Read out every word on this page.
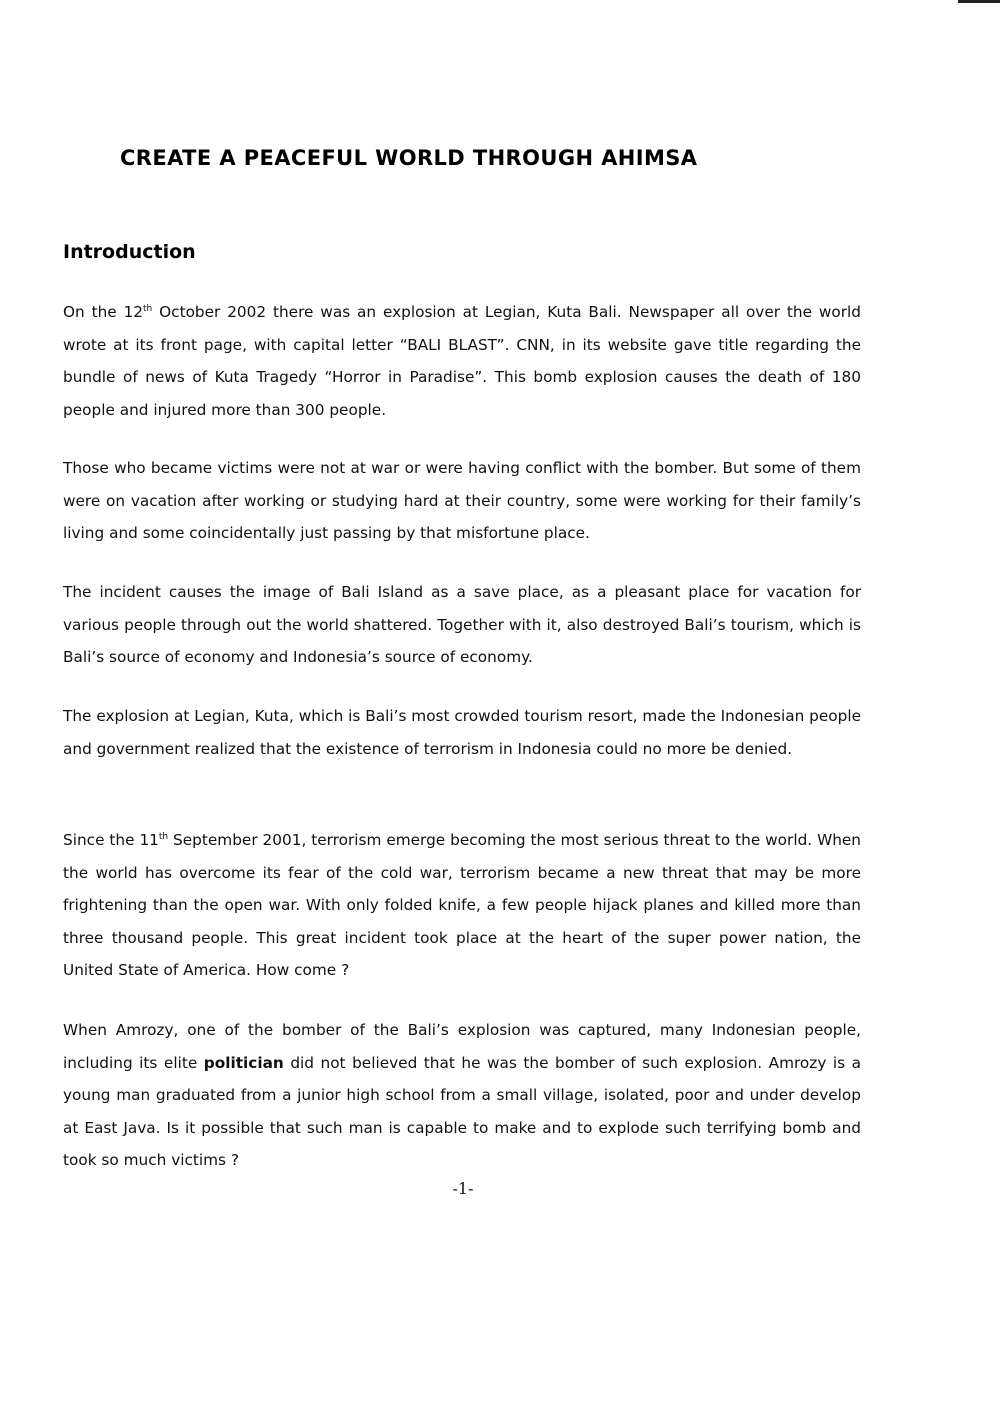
CREATE A PEACEFUL WORLD THROUGH AHIMSA
Introduction

On the 12th October 2002 there was an explosion at Legian, Kuta Bali. Newspaper all over the world wrote at its front page, with capital letter “BALI BLAST”. CNN, in its website gave title regarding the bundle of news of Kuta Tragedy “Horror in Paradise”. This bomb explosion causes the death of 180 people and injured more than 300 people.

Those who became victims were not at war or were having conflict with the bomber. But some of them were on vacation after working or studying hard at their country, some were working for their family’s living and some coincidentally just passing by that misfortune place.

The incident causes the image of Bali Island as a save place, as a pleasant place for vacation for various people through out the world shattered. Together with it, also destroyed Bali’s tourism, which is Bali’s source of economy and Indonesia’s source of economy.

The explosion at Legian, Kuta, which is Bali’s most crowded tourism resort, made the Indonesian people and government realized that the existence of terrorism in Indonesia could no more be denied.

Since the 11th September 2001, terrorism emerge becoming the most serious threat to the world. When the world has overcome its fear of the cold war, terrorism became a new threat that may be more frightening than the open war. With only folded knife, a few people hijack planes and killed more than three thousand people. This great incident took place at the heart of the super power nation, the United State of America. How come ?

When Amrozy, one of the bomber of the Bali’s explosion was captured, many Indonesian people, including its elite politician did not believed that he was the bomber of such explosion. Amrozy is a young man graduated from a junior high school from a small village, isolated, poor and under develop at East Java. Is it possible that such man is capable to make and to explode such terrifying bomb and took so much victims ?

-1-
